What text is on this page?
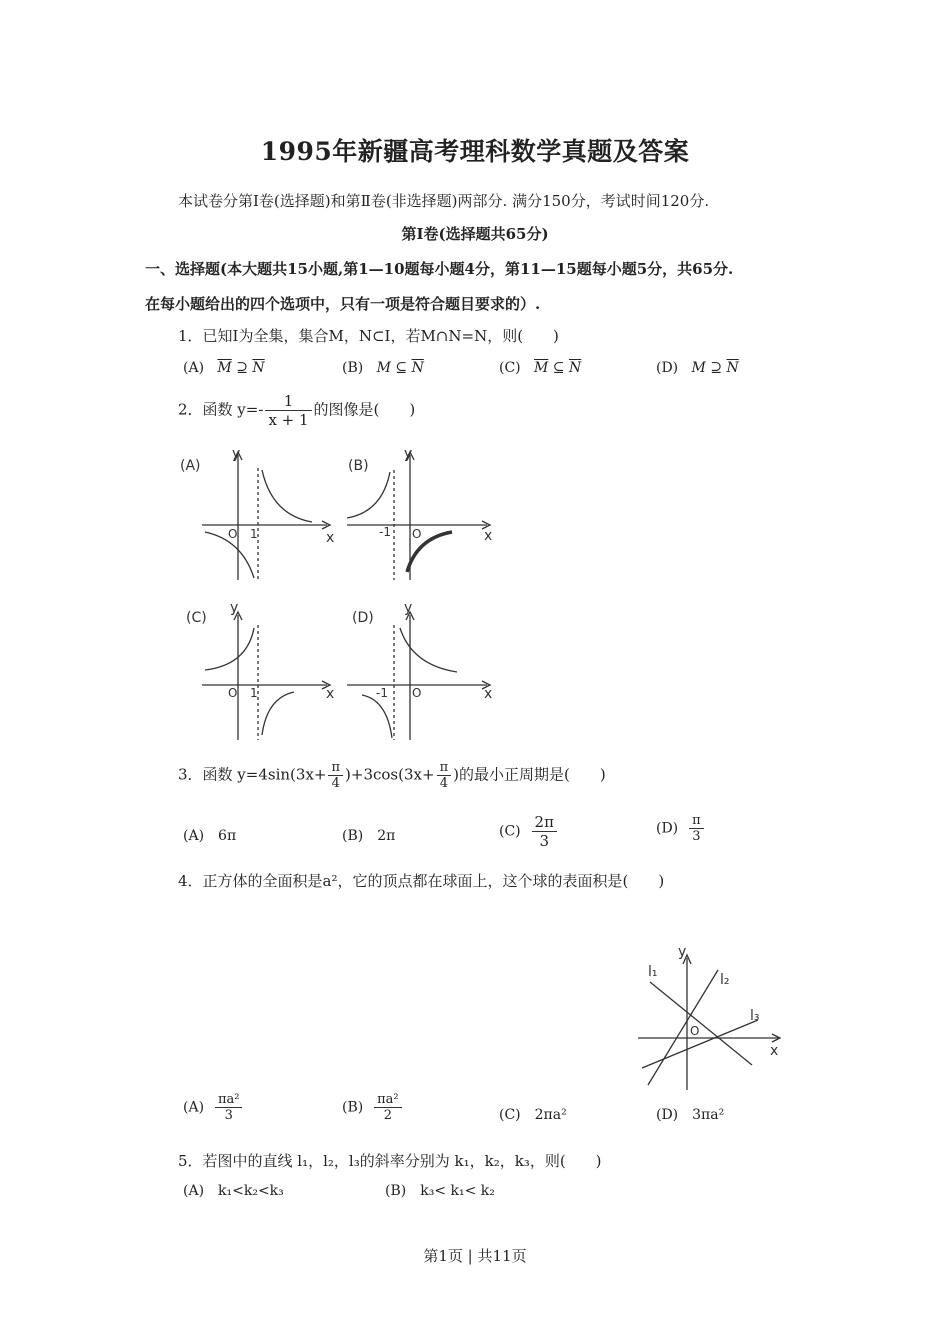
1995年新疆高考理科数学真题及答案
本试卷分第Ⅰ卷(选择题)和第Ⅱ卷(非选择题)两部分. 满分150分，考试时间120分.
第Ⅰ卷(选择题共65分)
一、选择题(本大题共15小题,第1—10题每小题4分，第11—15题每小题5分，共65分.
在每小题给出的四个选项中，只有一项是符合题目要求的）.
1．已知I为全集，集合M，N⊂I，若M∩N=N，则(　　)
(A) $\overline{M}$ ⊇ $\overline{N}$	(B) M ⊆ $\overline{N}$	(C) $\overline{M}$ ⊆ $\overline{N}$	(D) M ⊇ $\overline{N}$
2．函数 $y=- \frac{1}{x + 1}$ 的图像是(　　)
(A)
y
x
O 1
(B)
y
x
-1 O
(C)
y
x
O 1
(D)
y
x
-1 O
3．函数 $y=4\sin(3x+ \frac{\pi}{4} )+3\cos(3x+ \frac{\pi}{4}$ )的最小正周期是(　　)
(A)　6π	(B)　2π	$(C) \frac{2\pi}{3}$	$(D) \frac{\pi}{3}$
4．正方体的全面积是a²，它的顶点都在球面上，这个球的表面积是(　　)
l₁	l₂
l₃
y
x
O
$(A) \frac{\text{πa²}}{3}$	$(B) \frac{\text{πa²}}{2}$	(C)　2πa²	(D)　3πa²
5．若图中的直线 l₁，l₂，l₃的斜率分别为 k₁，k₂，k₃，则(　　)
(A)　k₁<k₂<k₃	(B)　k₃< k₁< k₂
第1页 | 共11页
